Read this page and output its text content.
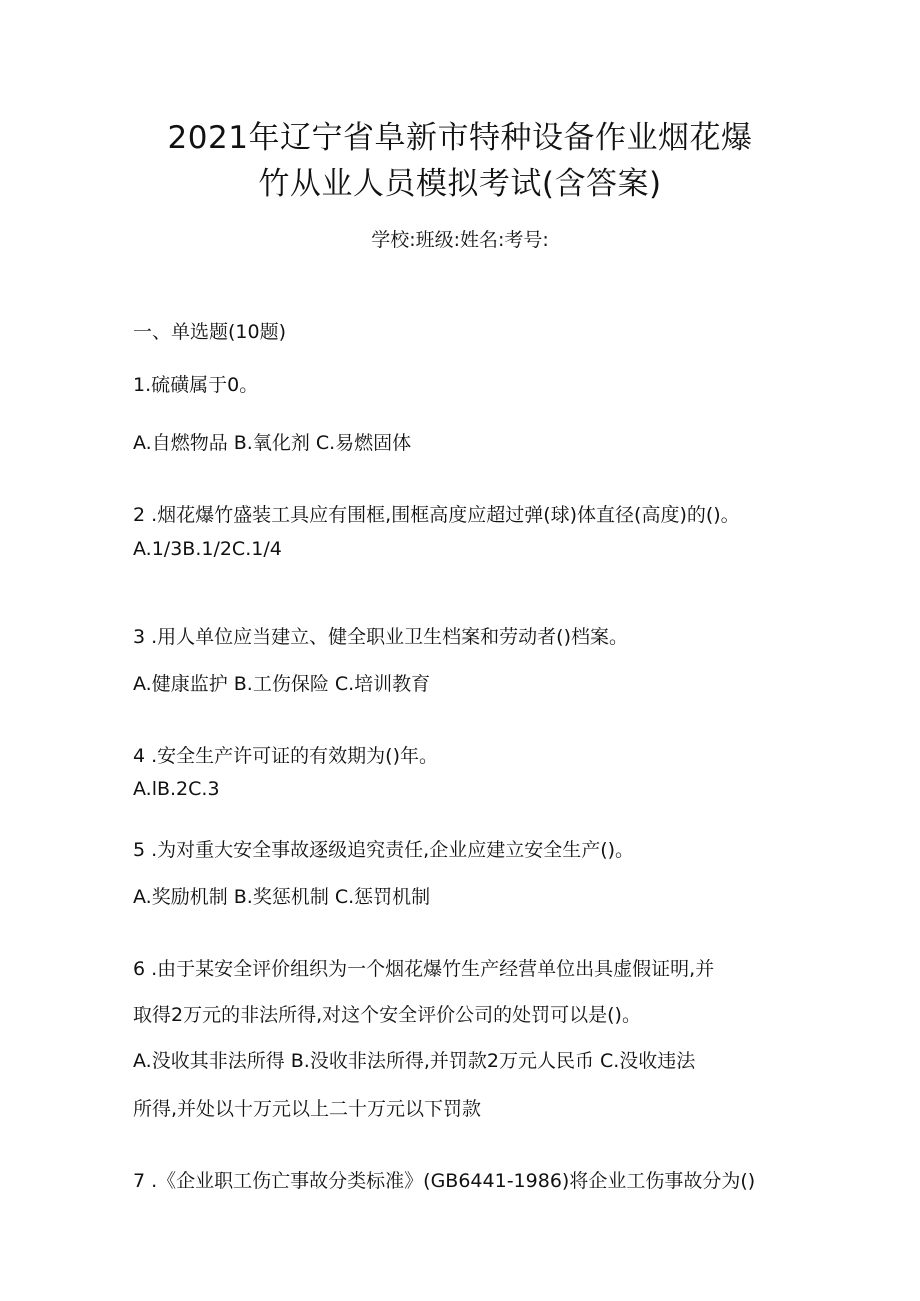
2021年辽宁省阜新市特种设备作业烟花爆
竹从业人员模拟考试(含答案)
学校:班级:姓名:考号:
一、单选题(10题)
1.硫磺属于0。
A.自燃物品 B.氧化剂 C.易燃固体
2 .烟花爆竹盛装工具应有围框,围框高度应超过弹(球)体直径(高度)的()。
A.1/3B.1/2C.1/4
3 .用人单位应当建立、健全职业卫生档案和劳动者()档案。
A.健康监护 B.工伤保险 C.培训教育
4 .安全生产许可证的有效期为()年。
A.lB.2C.3
5 .为对重大安全事故逐级追究责任,企业应建立安全生产()。
A.奖励机制 B.奖惩机制 C.惩罚机制
6 .由于某安全评价组织为一个烟花爆竹生产经营单位出具虚假证明,并
取得2万元的非法所得,对这个安全评价公司的处罚可以是()。
A.没收其非法所得 B.没收非法所得,并罚款2万元人民币 C.没收违法
所得,并处以十万元以上二十万元以下罚款
7 .《企业职工伤亡事故分类标准》(GB6441-1986)将企业工伤事故分为()
